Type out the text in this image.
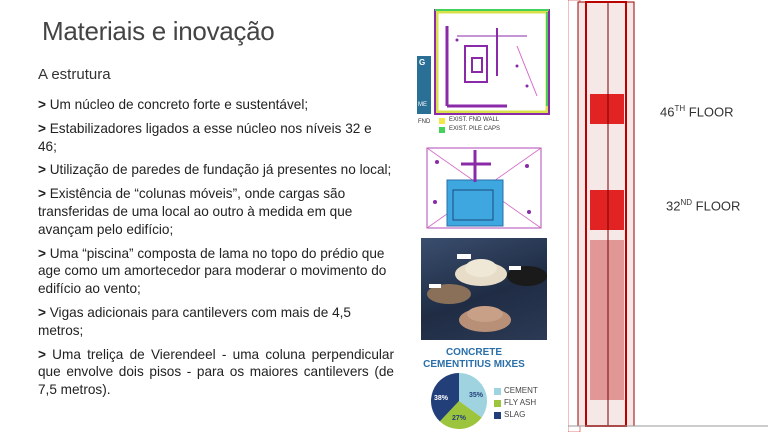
Materiais e inovação
A estrutura
> Um núcleo de concreto forte e sustentável;
> Estabilizadores ligados a esse núcleo nos níveis 32 e 46;
> Utilização de paredes de fundação já presentes no local;
> Existência de “colunas móveis”, onde cargas são transferidas de uma local ao outro à medida em que avançam pelo edifício;
> Uma “piscina” composta de lama no topo do prédio que age como um amortecedor para moderar o movimento do edifício ao vento;
> Vigas adicionais para cantilevers com mais de 4,5 metros;
> Uma treliça de Vierendeel - uma coluna perpendicular que envolve dois pisos - para os maiores cantilevers (de 7,5 metros).
G
ME
FND	EXIST. FND WALL
EXIST. PILE CAPS
CONCRETE CEMENTITIUS MIXES
35%
27%
38%
CEMENT
FLY ASH
SLAG
46TH FLOOR
32ND FLOOR
